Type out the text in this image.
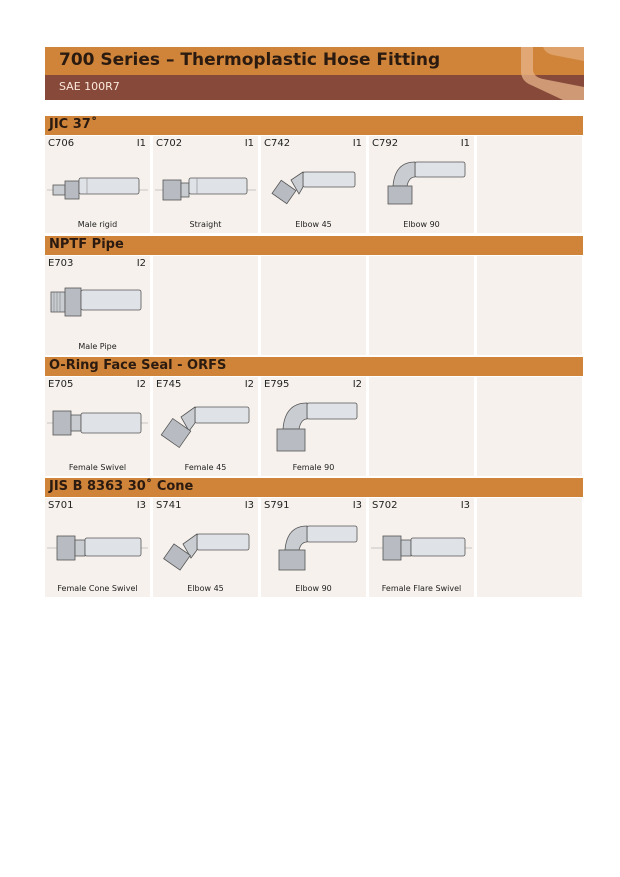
700 Series – Thermoplastic Hose Fitting
SAE 100R7
JIC 37˚
C706	I1
Male rigid
C702	I1
Straight
C742	I1
Elbow 45
C792	I1
Elbow 90
NPTF Pipe
E703	I2
Male Pipe
O-Ring Face Seal - ORFS
E705	I2
Female Swivel
E745	I2
Female 45
E795	I2
Female 90
JIS B 8363 30˚ Cone
S701	I3
Female Cone Swivel
S741	I3
Elbow 45
S791	I3
Elbow 90
S702	I3
Female Flare Swivel
